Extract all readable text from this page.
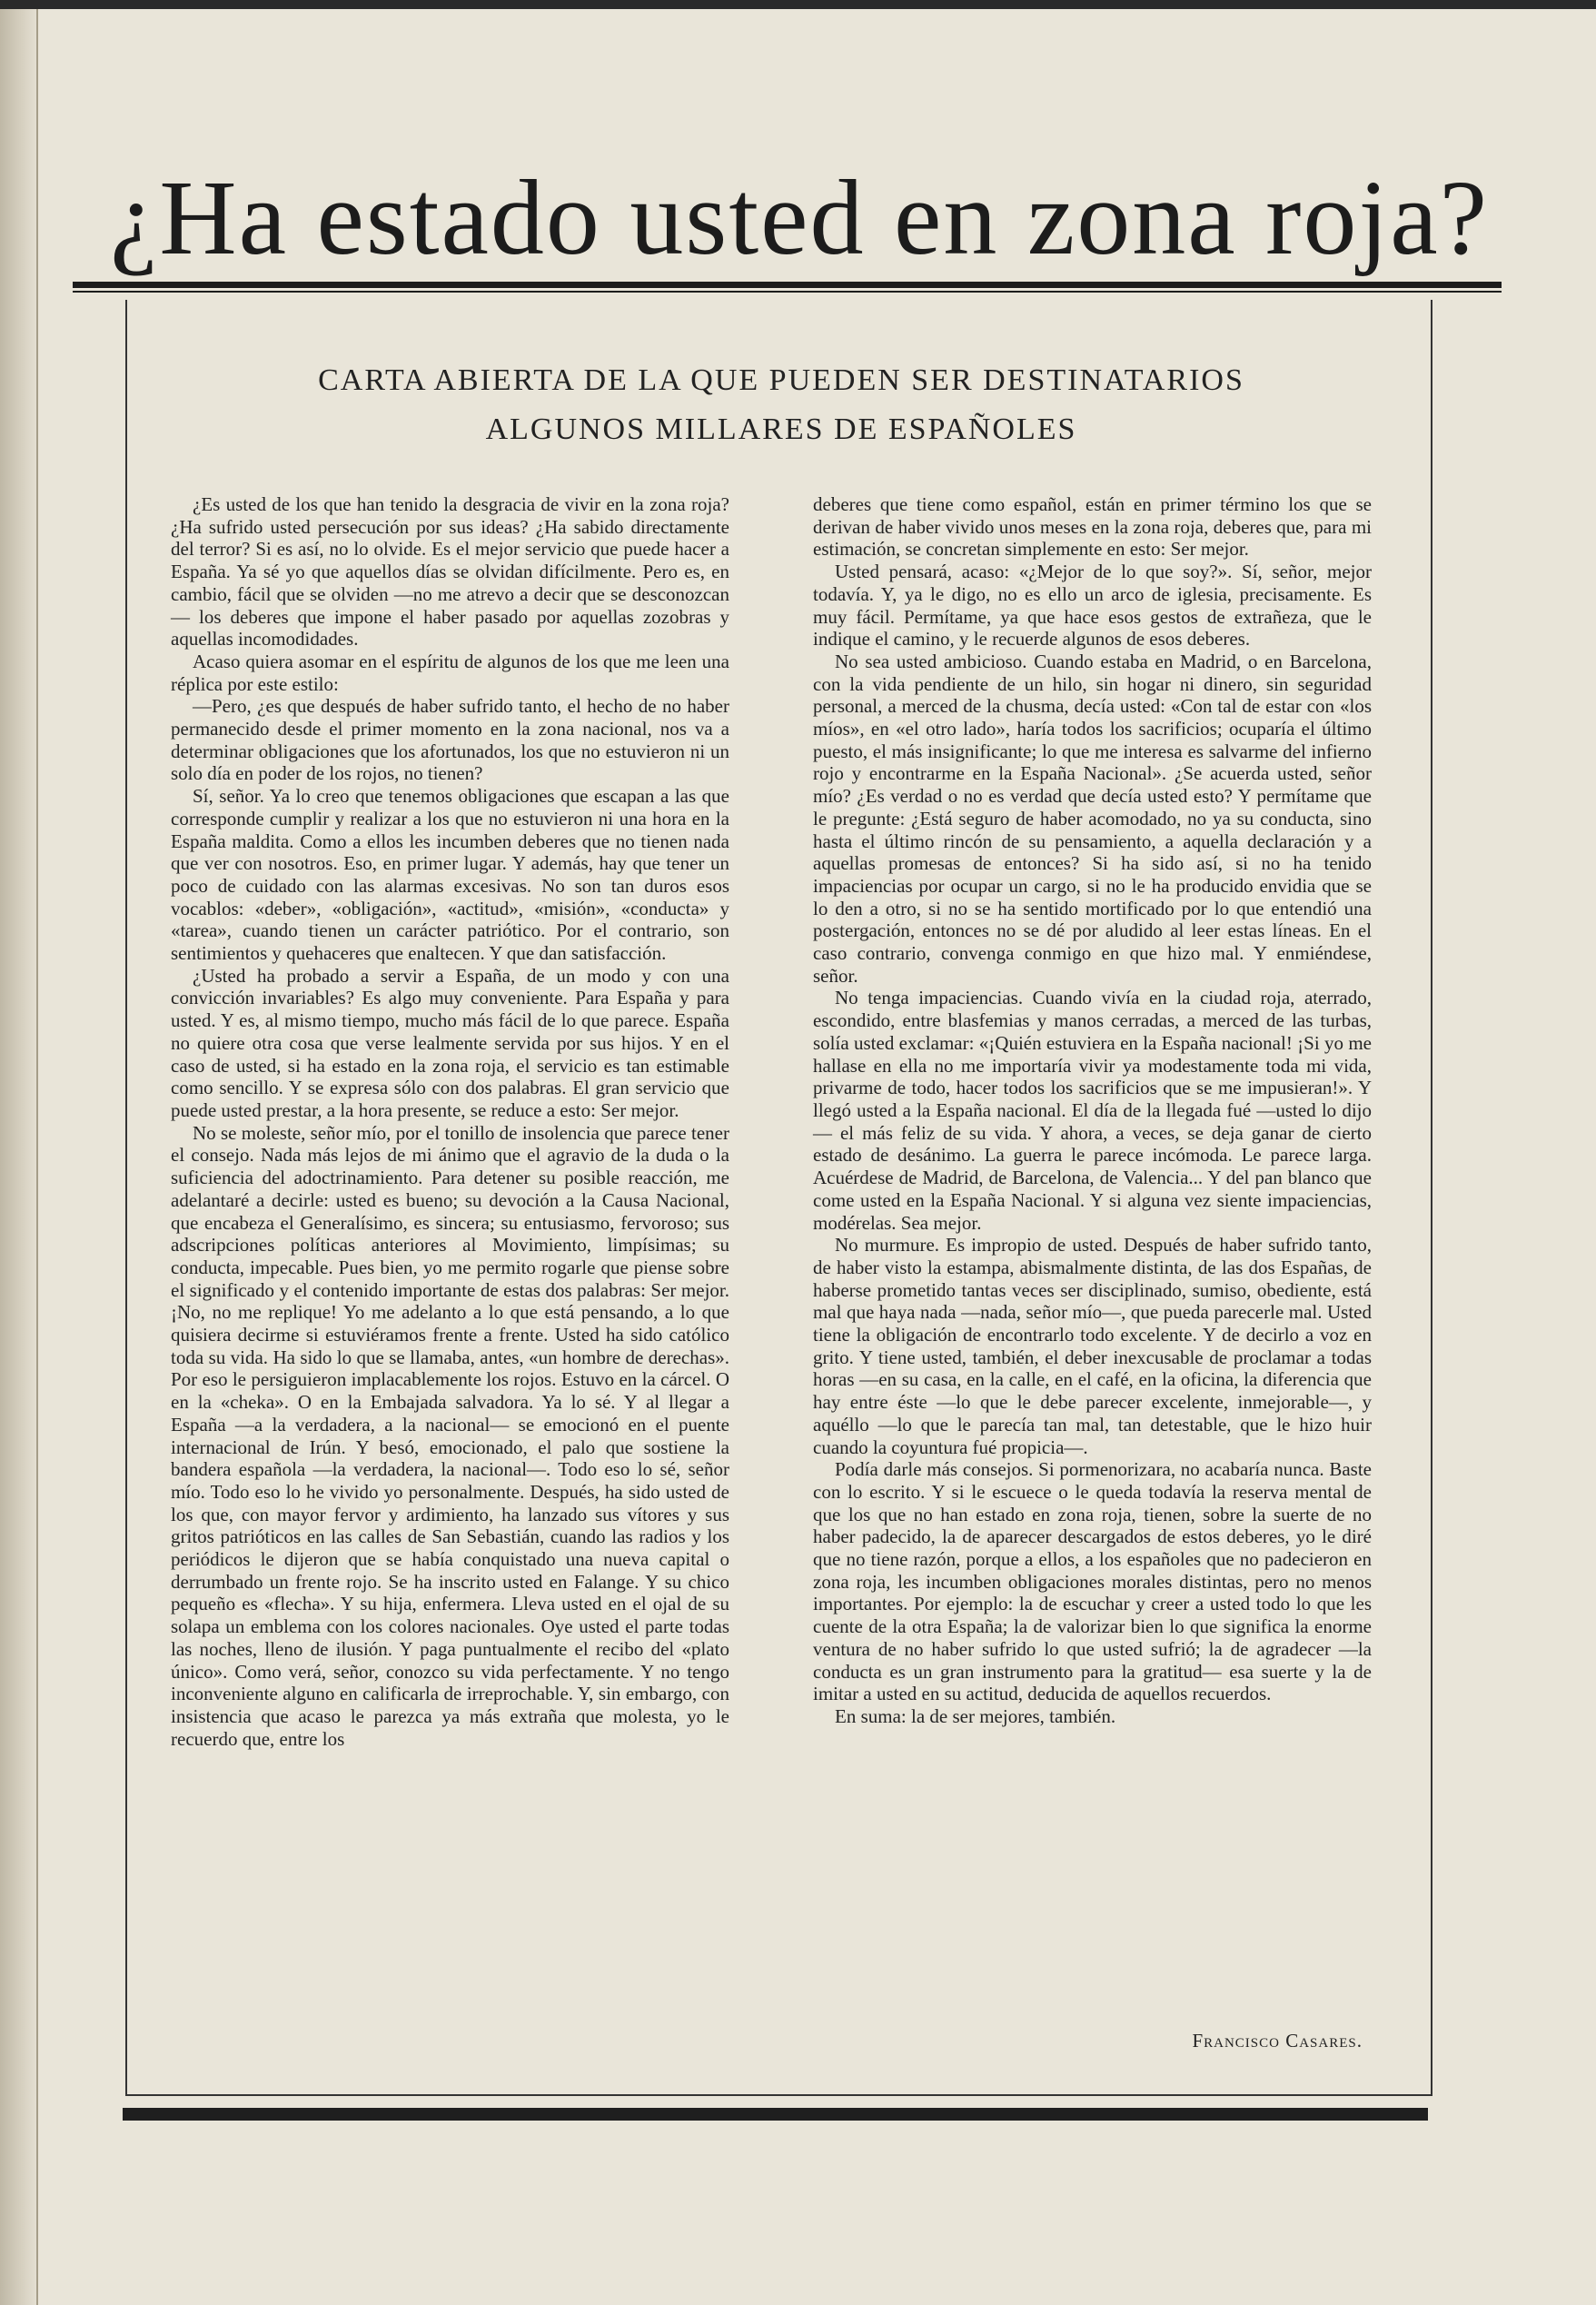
¿Ha estado usted en zona roja?
CARTA ABIERTA DE LA QUE PUEDEN SER DESTINATARIOS
ALGUNOS MILLARES DE ESPAÑOLES

¿Es usted de los que han tenido la desgracia de vivir en la zona roja? ¿Ha sufrido usted persecución por sus ideas? ¿Ha sabido directamente del terror? Si es así, no lo olvide. Es el mejor servicio que puede hacer a España. Ya sé yo que aquellos días se olvidan difícilmente. Pero es, en cambio, fácil que se olviden —no me atrevo a decir que se desconozcan— los deberes que impone el haber pasado por aquellas zozobras y aquellas incomodidades.

Acaso quiera asomar en el espíritu de algunos de los que me leen una réplica por este estilo:

—Pero, ¿es que después de haber sufrido tanto, el hecho de no haber permanecido desde el primer momento en la zona nacional, nos va a determinar obligaciones que los afortunados, los que no estuvieron ni un solo día en poder de los rojos, no tienen?

Sí, señor. Ya lo creo que tenemos obligaciones que escapan a las que corresponde cumplir y realizar a los que no estuvieron ni una hora en la España maldita. Como a ellos les incumben deberes que no tienen nada que ver con nosotros. Eso, en primer lugar. Y además, hay que tener un poco de cuidado con las alarmas excesivas. No son tan duros esos vocablos: «deber», «obligación», «actitud», «misión», «conducta» y «tarea», cuando tienen un carácter patriótico. Por el contrario, son sentimientos y quehaceres que enaltecen. Y que dan satisfacción.

¿Usted ha probado a servir a España, de un modo y con una convicción invariables? Es algo muy conveniente. Para España y para usted. Y es, al mismo tiempo, mucho más fácil de lo que parece. España no quiere otra cosa que verse lealmente servida por sus hijos. Y en el caso de usted, si ha estado en la zona roja, el servicio es tan estimable como sencillo. Y se expresa sólo con dos palabras. El gran servicio que puede usted prestar, a la hora presente, se reduce a esto: Ser mejor.

No se moleste, señor mío, por el tonillo de insolencia que parece tener el consejo. Nada más lejos de mi ánimo que el agravio de la duda o la suficiencia del adoctrinamiento. Para detener su posible reacción, me adelantaré a decirle: usted es bueno; su devoción a la Causa Nacional, que encabeza el Generalísimo, es sincera; su entusiasmo, fervoroso; sus adscripciones políticas anteriores al Movimiento, limpísimas; su conducta, impecable. Pues bien, yo me permito rogarle que piense sobre el significado y el contenido importante de estas dos palabras: Ser mejor. ¡No, no me replique! Yo me adelanto a lo que está pensando, a lo que quisiera decirme si estuviéramos frente a frente. Usted ha sido católico toda su vida. Ha sido lo que se llamaba, antes, «un hombre de derechas». Por eso le persiguieron implacablemente los rojos. Estuvo en la cárcel. O en la «cheka». O en la Embajada salvadora. Ya lo sé. Y al llegar a España —a la verdadera, a la nacional— se emocionó en el puente internacional de Irún. Y besó, emocionado, el palo que sostiene la bandera española —la verdadera, la nacional—. Todo eso lo sé, señor mío. Todo eso lo he vivido yo personalmente. Después, ha sido usted de los que, con mayor fervor y ardimiento, ha lanzado sus vítores y sus gritos patrióticos en las calles de San Sebastián, cuando las radios y los periódicos le dijeron que se había conquistado una nueva capital o derrumbado un frente rojo. Se ha inscrito usted en Falange. Y su chico pequeño es «flecha». Y su hija, enfermera. Lleva usted en el ojal de su solapa un emblema con los colores nacionales. Oye usted el parte todas las noches, lleno de ilusión. Y paga puntualmente el recibo del «plato único». Como verá, señor, conozco su vida perfectamente. Y no tengo inconveniente alguno en calificarla de irreprochable. Y, sin embargo, con insistencia que acaso le parezca ya más extraña que molesta, yo le recuerdo que, entre los

deberes que tiene como español, están en primer término los que se derivan de haber vivido unos meses en la zona roja, deberes que, para mi estimación, se concretan simplemente en esto: Ser mejor.

Usted pensará, acaso: «¿Mejor de lo que soy?». Sí, señor, mejor todavía. Y, ya le digo, no es ello un arco de iglesia, precisamente. Es muy fácil. Permítame, ya que hace esos gestos de extrañeza, que le indique el camino, y le recuerde algunos de esos deberes.

No sea usted ambicioso. Cuando estaba en Madrid, o en Barcelona, con la vida pendiente de un hilo, sin hogar ni dinero, sin seguridad personal, a merced de la chusma, decía usted: «Con tal de estar con «los míos», en «el otro lado», haría todos los sacrificios; ocuparía el último puesto, el más insignificante; lo que me interesa es salvarme del infierno rojo y encontrarme en la España Nacional». ¿Se acuerda usted, señor mío? ¿Es verdad o no es verdad que decía usted esto? Y permítame que le pregunte: ¿Está seguro de haber acomodado, no ya su conducta, sino hasta el último rincón de su pensamiento, a aquella declaración y a aquellas promesas de entonces? Si ha sido así, si no ha tenido impaciencias por ocupar un cargo, si no le ha producido envidia que se lo den a otro, si no se ha sentido mortificado por lo que entendió una postergación, entonces no se dé por aludido al leer estas líneas. En el caso contrario, convenga conmigo en que hizo mal. Y enmiéndese, señor.

No tenga impaciencias. Cuando vivía en la ciudad roja, aterrado, escondido, entre blasfemias y manos cerradas, a merced de las turbas, solía usted exclamar: «¡Quién estuviera en la España nacional! ¡Si yo me hallase en ella no me importaría vivir ya modestamente toda mi vida, privarme de todo, hacer todos los sacrificios que se me impusieran!». Y llegó usted a la España nacional. El día de la llegada fué —usted lo dijo— el más feliz de su vida. Y ahora, a veces, se deja ganar de cierto estado de desánimo. La guerra le parece incómoda. Le parece larga. Acuérdese de Madrid, de Barcelona, de Valencia... Y del pan blanco que come usted en la España Nacional. Y si alguna vez siente impaciencias, modérelas. Sea mejor.

No murmure. Es impropio de usted. Después de haber sufrido tanto, de haber visto la estampa, abismalmente distinta, de las dos Españas, de haberse prometido tantas veces ser disciplinado, sumiso, obediente, está mal que haya nada —nada, señor mío—, que pueda parecerle mal. Usted tiene la obligación de encontrarlo todo excelente. Y de decirlo a voz en grito. Y tiene usted, también, el deber inexcusable de proclamar a todas horas —en su casa, en la calle, en el café, en la oficina, la diferencia que hay entre éste —lo que le debe parecer excelente, inmejorable—, y aquéllo —lo que le parecía tan mal, tan detestable, que le hizo huir cuando la coyuntura fué propicia—.

Podía darle más consejos. Si pormenorizara, no acabaría nunca. Baste con lo escrito. Y si le escuece o le queda todavía la reserva mental de que los que no han estado en zona roja, tienen, sobre la suerte de no haber padecido, la de aparecer descargados de estos deberes, yo le diré que no tiene razón, porque a ellos, a los españoles que no padecieron en zona roja, les incumben obligaciones morales distintas, pero no menos importantes. Por ejemplo: la de escuchar y creer a usted todo lo que les cuente de la otra España; la de valorizar bien lo que significa la enorme ventura de no haber sufrido lo que usted sufrió; la de agradecer —la conducta es un gran instrumento para la gratitud— esa suerte y la de imitar a usted en su actitud, deducida de aquellos recuerdos.

En suma: la de ser mejores, también.

Francisco Casares.
